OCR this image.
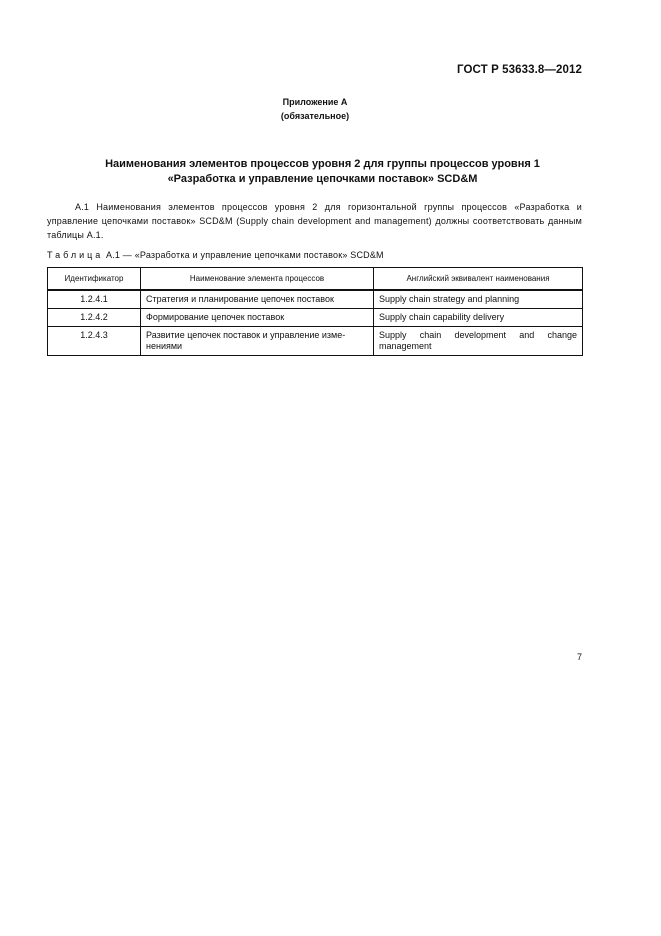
ГОСТ Р 53633.8—2012
Приложение А
(обязательное)
Наименования элементов процессов уровня 2 для группы процессов уровня 1
«Разработка и управление цепочками поставок» SCD&M
А.1 Наименования элементов процессов уровня 2 для горизонтальной группы процессов «Разработка и управление цепочками поставок» SCD&M (Supply chain development and management) должны соответствовать данным таблицы А.1.
Таблица А.1 — «Разработка и управление цепочками поставок» SCD&M
Идентификатор	Наименование элемента процессов	Английский эквивалент наименования
1.2.4.1	Стратегия и планирование цепочек поставок	Supply chain strategy and planning
1.2.4.2	Формирование цепочек поставок	Supply chain capability delivery
1.2.4.3	Развитие цепочек поставок и управление изме-нениями	Supply chain development and change management
7
